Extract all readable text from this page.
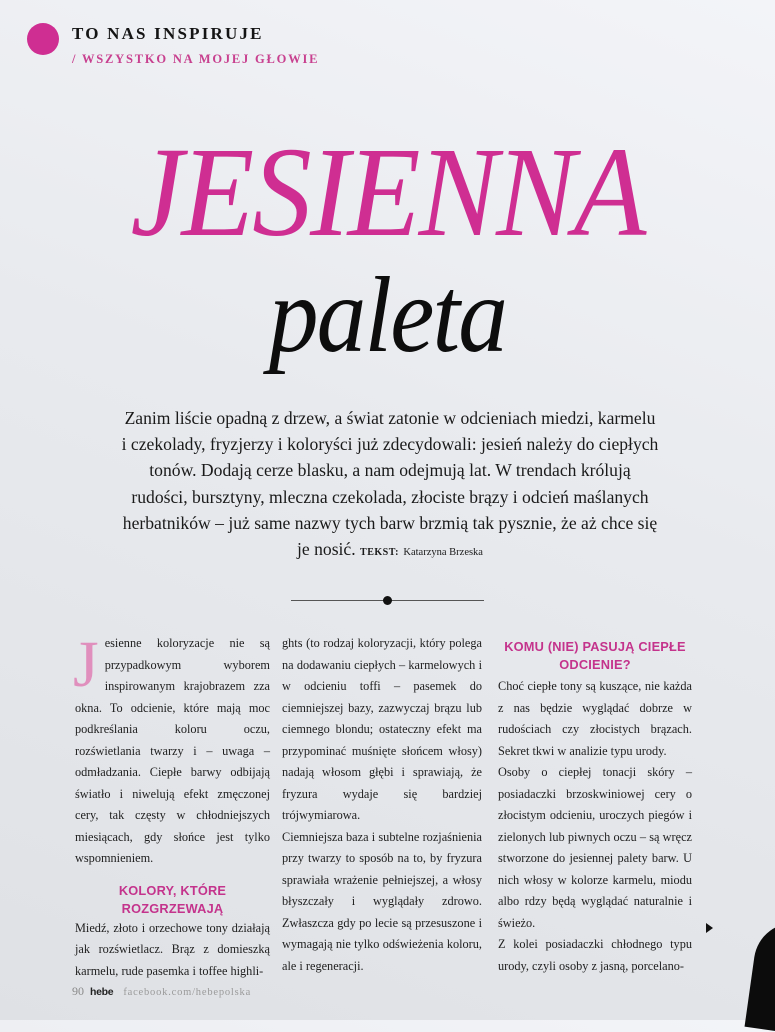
TO NAS INSPIRUJE
/ WSZYSTKO NA MOJEJ GŁOWIE
JESIENNA
paleta
Zanim liście opadną z drzew, a świat zatonie w odcieniach miedzi, karmelu i czekolady, fryzjerzy i koloryści już zdecydowali: jesień należy do ciepłych tonów. Dodają cerze blasku, a nam odejmują lat. W trendach królują rudości, bursztyny, mleczna czekolada, złociste brązy i odcień maślanych herbatników – już same nazwy tych barw brzmią tak pysznie, że aż chce się je nosić. TEKST: Katarzyna Brzeska

Jesienne koloryzacje nie są przypadkowym wyborem inspirowanym krajobrazem zza okna. To odcienie, które mają moc podkreślania koloru oczu, rozświetlania twarzy i – uwaga – odmładzania. Ciepłe barwy odbijają światło i niwelują efekt zmęczonej cery, tak częsty w chłodniejszych miesiącach, gdy słońce jest tylko wspomnieniem.

KOLORY, KTÓRE ROZGRZEWAJĄ

Miedź, złoto i orzechowe tony działają jak rozświetlacz. Brąz z domieszką karmelu, rude pasemka i toffee highli-

ghts (to rodzaj koloryzacji, który polega na dodawaniu ciepłych – karmelowych i w odcieniu toffi – pasemek do ciemniejszej bazy, zazwyczaj brązu lub ciemnego blondu; ostateczny efekt ma przypominać muśnięte słońcem włosy) nadają włosom głębi i sprawiają, że fryzura wydaje się bardziej trójwymiarowa.

Ciemniejsza baza i subtelne rozjaśnienia przy twarzy to sposób na to, by fryzura sprawiała wrażenie pełniejszej, a włosy błyszczały i wyglądały zdrowo. Zwłaszcza gdy po lecie są przesuszone i wymagają nie tylko odświeżenia koloru, ale i regeneracji.

KOMU (NIE) PASUJĄ CIEPŁE ODCIENIE?

Choć ciepłe tony są kuszące, nie każda z nas będzie wyglądać dobrze w rudościach czy złocistych brązach. Sekret tkwi w analizie typu urody.

Osoby o ciepłej tonacji skóry – posiadaczki brzoskwiniowej cery o złocistym odcieniu, uroczych piegów i zielonych lub piwnych oczu – są wręcz stworzone do jesiennej palety barw. U nich włosy w kolorze karmelu, miodu albo rdzy będą wyglądać naturalnie i świeżo.

Z kolei posiadaczki chłodnego typu urody, czyli osoby z jasną, porcelano-

90 hebe facebook.com/hebepolska
